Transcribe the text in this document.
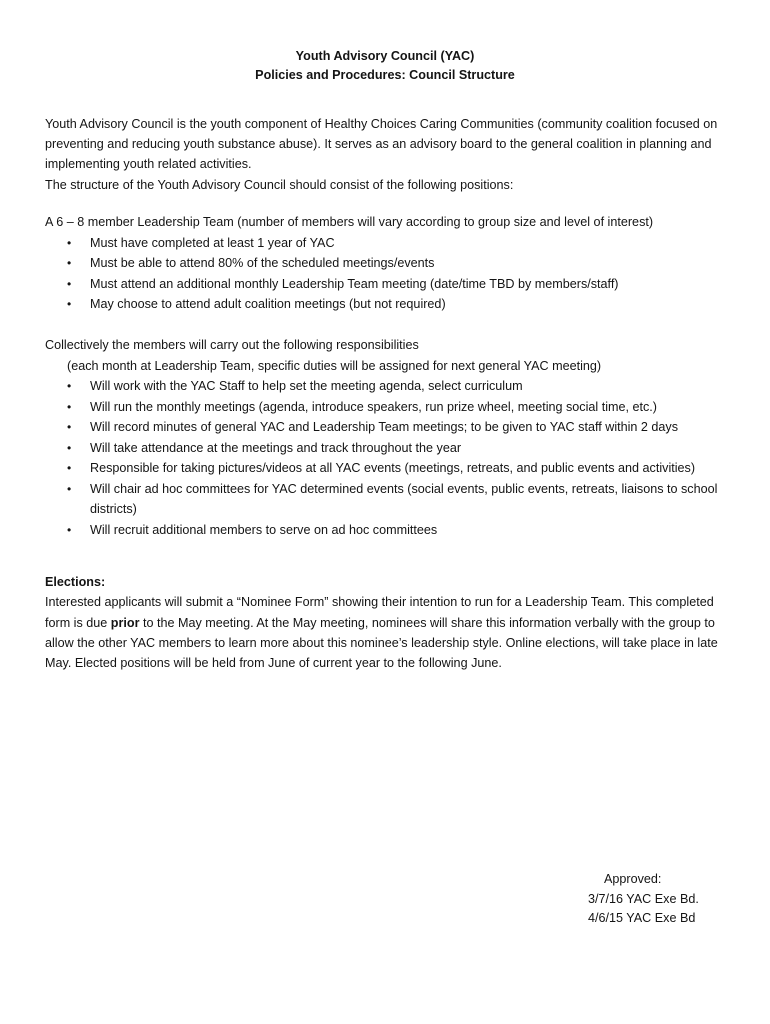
Youth Advisory Council (YAC)
Policies and Procedures: Council Structure

Youth Advisory Council is the youth component of Healthy Choices Caring Communities (community coalition focused on preventing and reducing youth substance abuse). It serves as an advisory board to the general coalition in planning and implementing youth related activities.

The structure of the Youth Advisory Council should consist of the following positions:

A 6 – 8 member Leadership Team (number of members will vary according to group size and level of interest)

• Must have completed at least 1 year of YAC
• Must be able to attend 80% of the scheduled meetings/events
• Must attend an additional monthly Leadership Team meeting (date/time TBD by members/staff)
• May choose to attend adult coalition meetings (but not required)

Collectively the members will carry out the following responsibilities

(each month at Leadership Team, specific duties will be assigned for next general YAC meeting)

• Will work with the YAC Staff to help set the meeting agenda, select curriculum
• Will run the monthly meetings (agenda, introduce speakers, run prize wheel, meeting social time, etc.)
• Will record minutes of general YAC and Leadership Team meetings; to be given to YAC staff within 2 days
• Will take attendance at the meetings and track throughout the year
• Responsible for taking pictures/videos at all YAC events (meetings, retreats, and public events and activities)
• Will chair ad hoc committees for YAC determined events (social events, public events, retreats, liaisons to school districts)
• Will recruit additional members to serve on ad hoc committees

Elections:

Interested applicants will submit a “Nominee Form” showing their intention to run for a Leadership Team. This completed form is due prior to the May meeting. At the May meeting, nominees will share this information verbally with the group to allow the other YAC members to learn more about this nominee’s leadership style. Online elections, will take place in late May. Elected positions will be held from June of current year to the following June.

Approved:
3/7/16 YAC Exe Bd.
4/6/15 YAC Exe Bd
